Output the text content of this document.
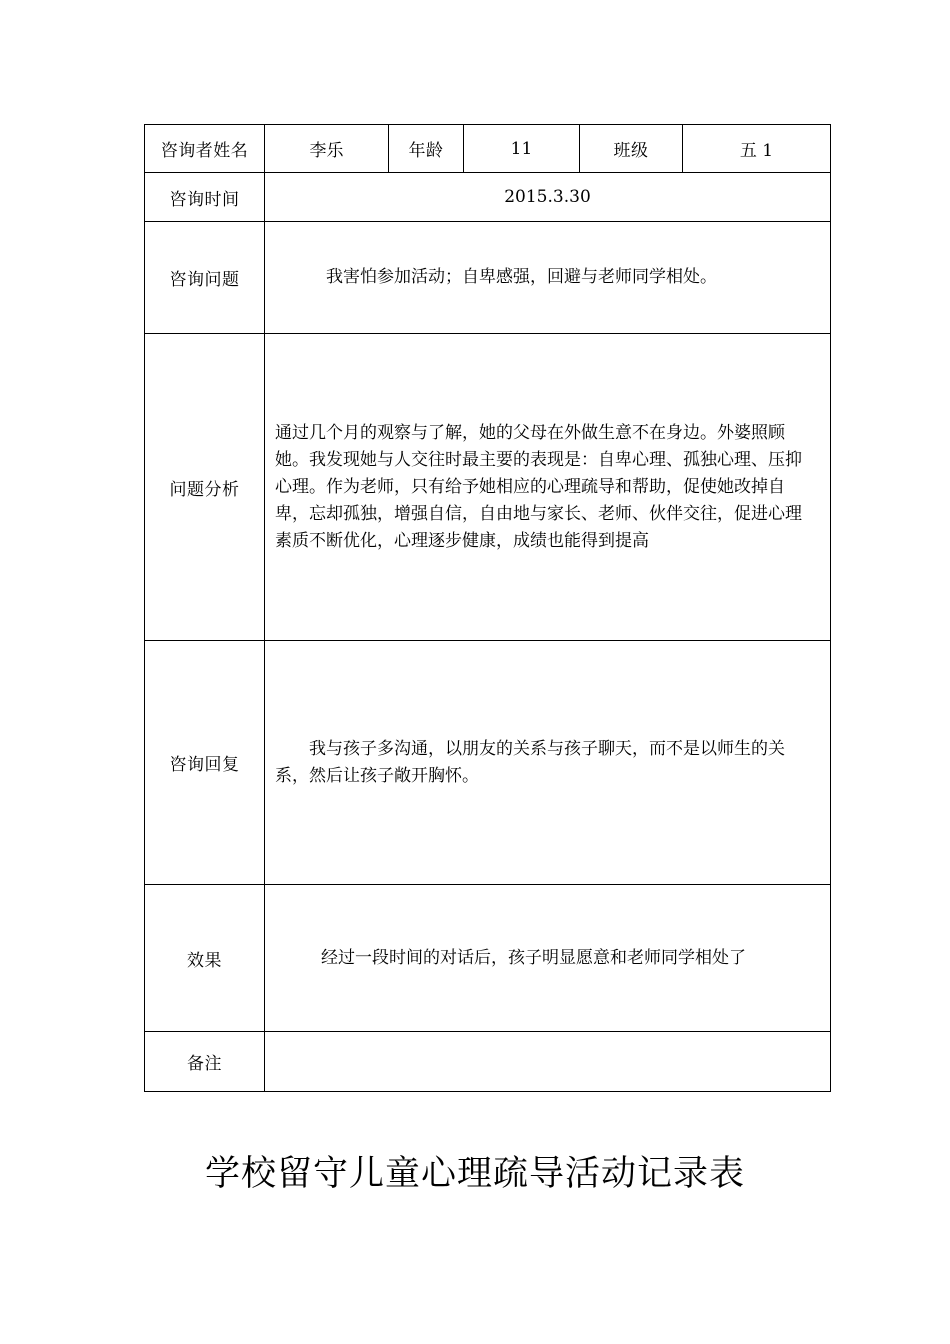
咨询者姓名	李乐	年龄	11	班级	五 1
咨询时间	2015.3.30				
咨询问题	我害怕参加活动；自卑感强，回避与老师同学相处。				

问题分析	通过几个月的观察与了解，她的父母在外做生意不在身边。外婆照顾她。我发现她与人交往时最主要的表现是：自卑心理、孤独心理、压抑心理。作为老师，只有给予她相应的心理疏导和帮助，促使她改掉自卑，忘却孤独，增强自信，自由地与家长、老师、伙伴交往，促进心理素质不断优化，心理逐步健康，成绩也能得到提高				

咨询回复	我与孩子多沟通，以朋友的关系与孩子聊天，而不是以师生的关系，然后让孩子敞开胸怀。				

效果	经过一段时间的对话后，孩子明显愿意和老师同学相处了				

备注					
学校留守儿童心理疏导活动记录表
